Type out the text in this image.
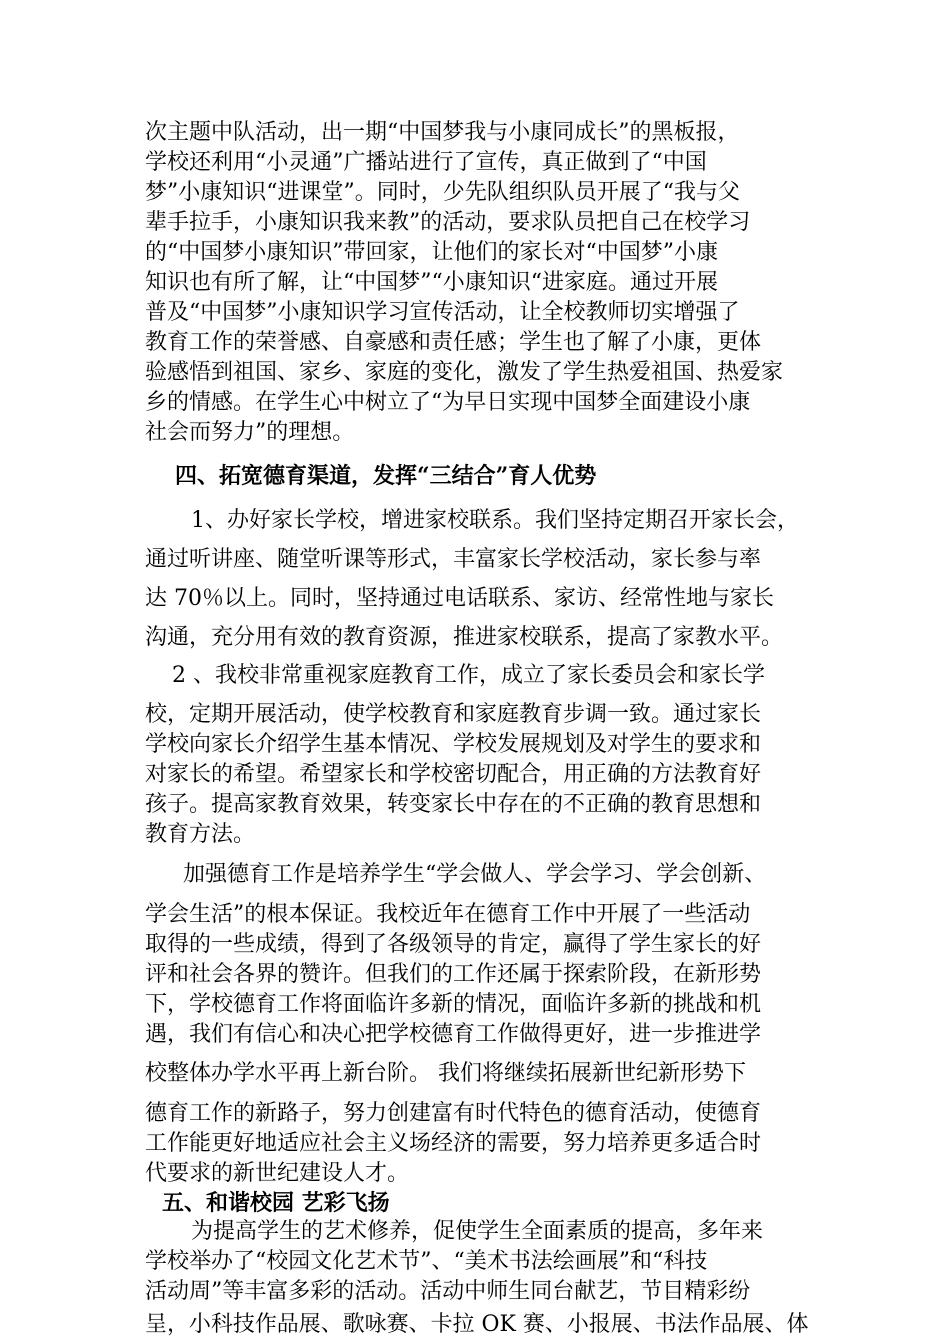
次主题中队活动，出一期“中国梦我与小康同成长”的黑板报，
学校还利用“小灵通”广播站进行了宣传，真正做到了“中国
梦”小康知识“进课堂”。同时，少先队组织队员开展了“我与父
辈手拉手，小康知识我来教”的活动，要求队员把自己在校学习
的“中国梦小康知识”带回家，让他们的家长对“中国梦”小康
知识也有所了解，让“中国梦”“小康知识“进家庭。通过开展
普及“中国梦”小康知识学习宣传活动，让全校教师切实增强了
教育工作的荣誉感、自豪感和责任感；学生也了解了小康，更体
验感悟到祖国、家乡、家庭的变化，激发了学生热爱祖国、热爱家
乡的情感。在学生心中树立了“为早日实现中国梦全面建设小康
社会而努力”的理想。
四、拓宽德育渠道，发挥“三结合”育人优势
1、办好家长学校，增进家校联系。我们坚持定期召开家长会，
通过听讲座、随堂听课等形式，丰富家长学校活动，家长参与率
达 70％以上。同时，坚持通过电话联系、家访、经常性地与家长
沟通，充分用有效的教育资源，推进家校联系，提高了家教水平。
2 、我校非常重视家庭教育工作，成立了家长委员会和家长学
校，定期开展活动，使学校教育和家庭教育步调一致。通过家长
学校向家长介绍学生基本情况、学校发展规划及对学生的要求和
对家长的希望。希望家长和学校密切配合，用正确的方法教育好
孩子。提高家教育效果，转变家长中存在的不正确的教育思想和
教育方法。
加强德育工作是培养学生“学会做人、学会学习、学会创新、
学会生活”的根本保证。我校近年在德育工作中开展了一些活动
取得的一些成绩，得到了各级领导的肯定，赢得了学生家长的好
评和社会各界的赞许。但我们的工作还属于探索阶段，在新形势
下，学校德育工作将面临许多新的情况，面临许多新的挑战和机
遇，我们有信心和决心把学校德育工作做得更好，进一步推进学
校整体办学水平再上新台阶。 我们将继续拓展新世纪新形势下
德育工作的新路子，努力创建富有时代特色的德育活动，使德育
工作能更好地适应社会主义场经济的需要，努力培养更多适合时
代要求的新世纪建设人才。
五、和谐校园 艺彩飞扬
为提高学生的艺术修养，促使学生全面素质的提高，多年来
学校举办了“校园文化艺术节”、“美术书法绘画展”和“科技
活动周”等丰富多彩的活动。活动中师生同台献艺，节目精彩纷
呈，小科技作品展、歌咏赛、卡拉 OK 赛、小报展、书法作品展、体
